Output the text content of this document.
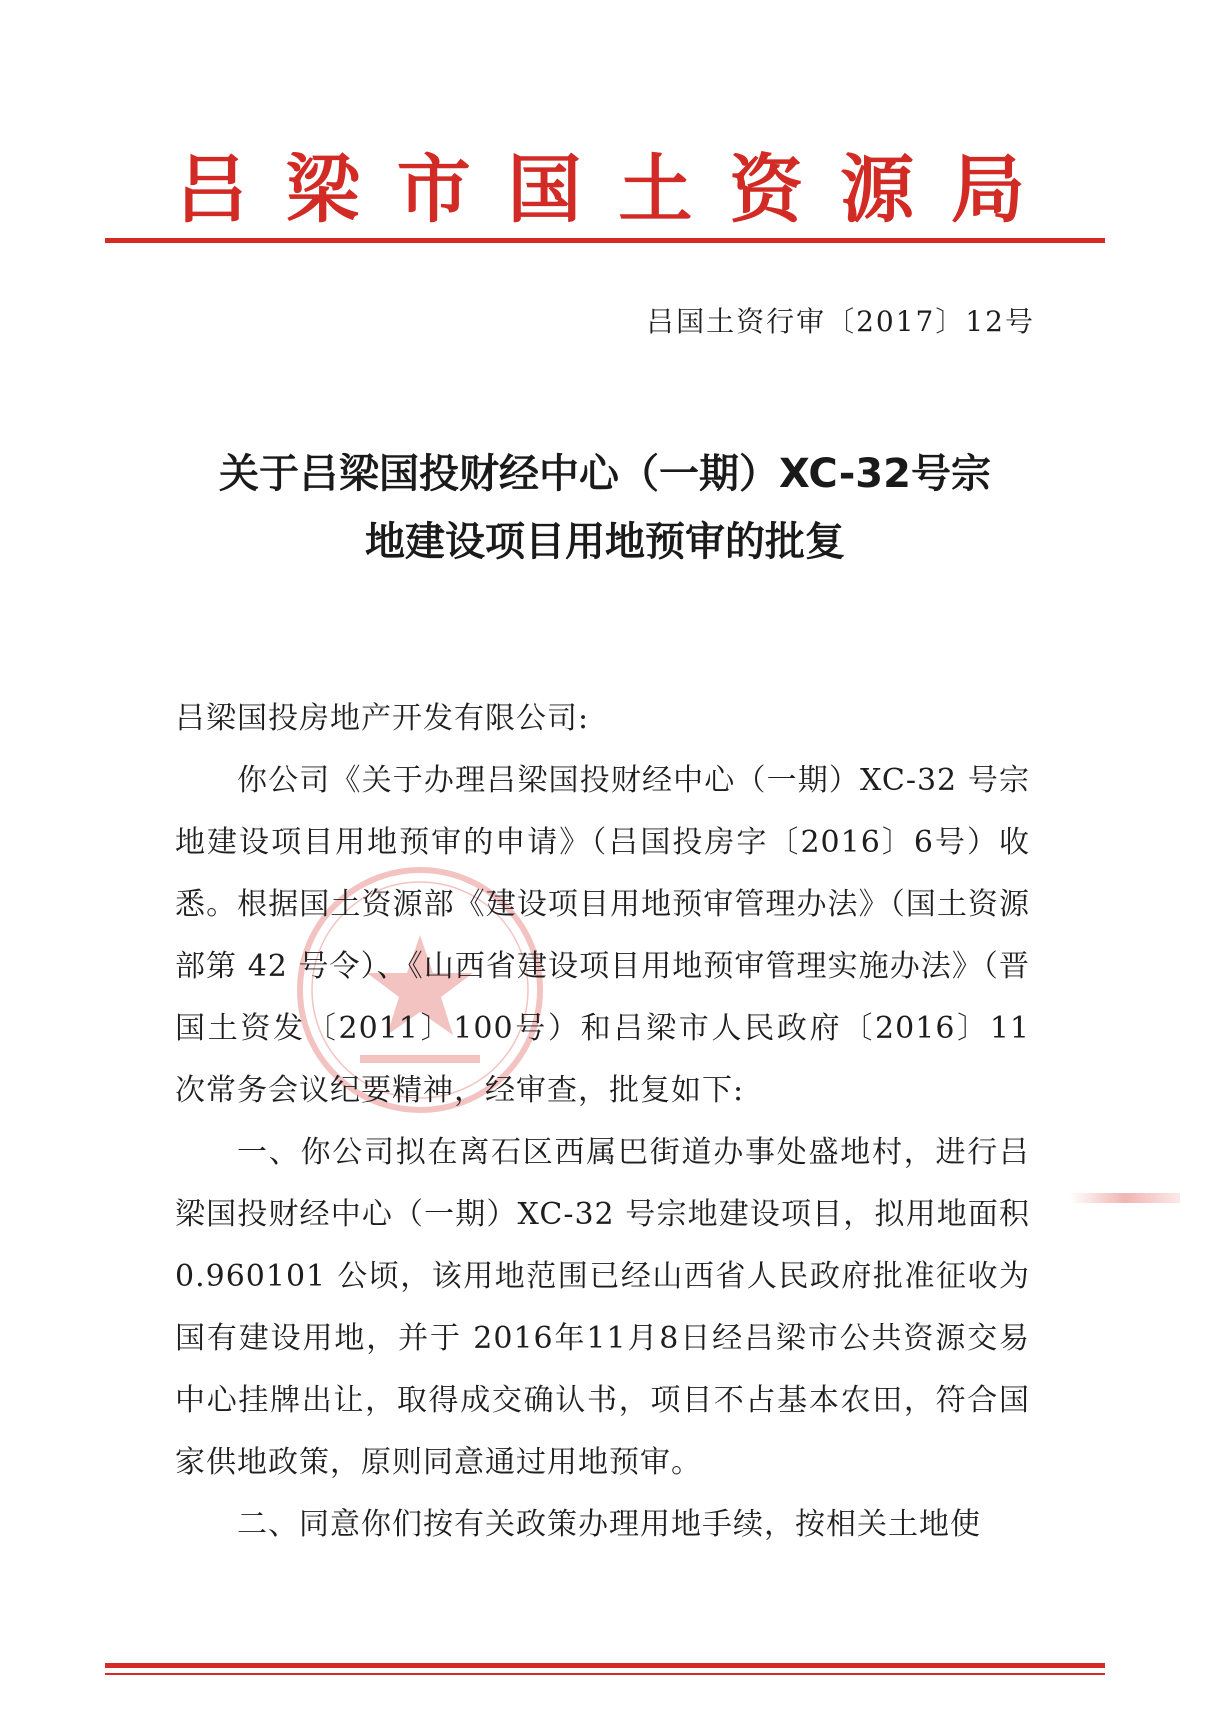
吕 梁 市 国 土 资 源 局
吕国土资行审〔2017〕12号
关于吕梁国投财经中心（一期）XC-32号宗
地建设项目用地预审的批复

吕梁国投房地产开发有限公司:

你公司《关于办理吕梁国投财经中心（一期）XC-32 号宗地建设项目用地预审的申请》（吕国投房字〔2016〕6号）收悉。根据国土资源部《建设项目用地预审管理办法》（国土资源部第 42 号令）、《山西省建设项目用地预审管理实施办法》（晋国土资发〔2011〕100号）和吕梁市人民政府〔2016〕11 次常务会议纪要精神，经审查，批复如下:

一、你公司拟在离石区西属巴街道办事处盛地村，进行吕梁国投财经中心（一期）XC-32 号宗地建设项目，拟用地面积 0.960101 公顷，该用地范围已经山西省人民政府批准征收为国有建设用地，并于 2016年11月8日经吕梁市公共资源交易中心挂牌出让，取得成交确认书，项目不占基本农田，符合国家供地政策，原则同意通过用地预审。

二、同意你们按有关政策办理用地手续，按相关土地使
